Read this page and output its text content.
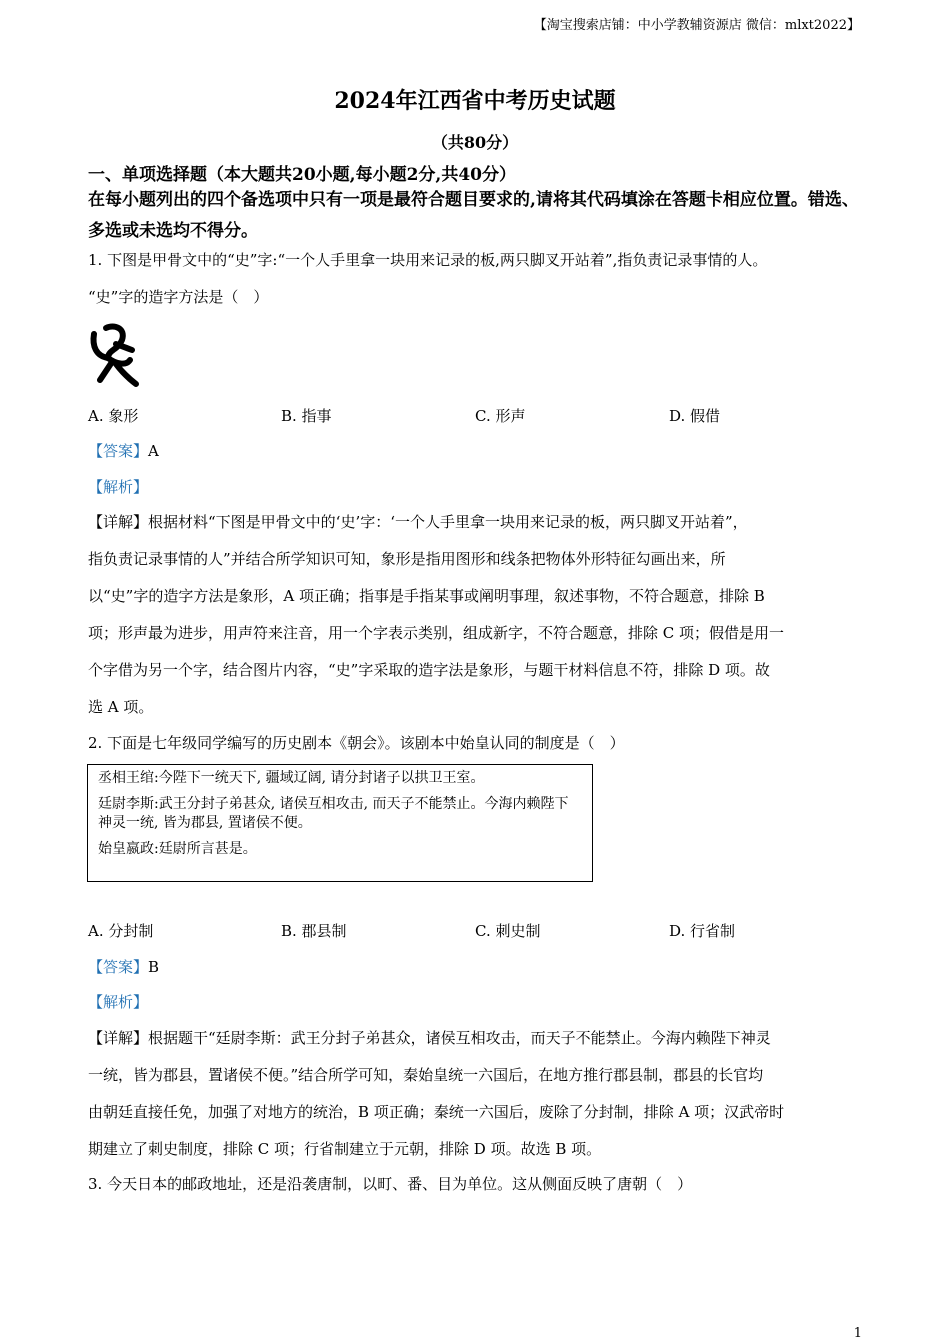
【淘宝搜索店铺：中小学教辅资源店 微信：mlxt2022】
2024年江西省中考历史试题
（共80分）
一、单项选择题（本大题共20小题,每小题2分,共40分）
在每小题列出的四个备选项中只有一项是最符合题目要求的,请将其代码填涂在答题卡相应位置。错选、多选或未选均不得分。
1. 下图是甲骨文中的“史”字:“一个人手里拿一块用来记录的板,两只脚叉开站着”,指负责记录事情的人。
“史”字的造字方法是（　）
A. 象形	B. 指事	C. 形声	D. 假借
【答案】A
【解析】
【详解】根据材料“下图是甲骨文中的‘史’字：‘一个人手里拿一块用来记录的板，两只脚叉开站着”，
指负责记录事情的人”并结合所学知识可知，象形是指用图形和线条把物体外形特征勾画出来，所
以“史”字的造字方法是象形，A 项正确；指事是手指某事或阐明事理，叙述事物，不符合题意，排除 B
项；形声最为进步，用声符来注音，用一个字表示类别，组成新字，不符合题意，排除 C 项；假借是用一
个字借为另一个字，结合图片内容，“史”字采取的造字法是象形，与题干材料信息不符，排除 D 项。故
选 A 项。
2. 下面是七年级同学编写的历史剧本《朝会》。该剧本中始皇认同的制度是（　）
丞相王绾:今陛下一统天下, 疆域辽阔, 请分封诸子以拱卫王室。
廷尉李斯:武王分封子弟甚众, 诸侯互相攻击, 而天子不能禁止。今海内赖陛下神灵一统, 皆为郡县, 置诸侯不便。
始皇嬴政:廷尉所言甚是。
A. 分封制	B. 郡县制	C. 刺史制	D. 行省制
【答案】B
【解析】
【详解】根据题干“廷尉李斯：武王分封子弟甚众，诸侯互相攻击，而天子不能禁止。今海内赖陛下神灵
一统，皆为郡县，置诸侯不便。”结合所学可知，秦始皇统一六国后，在地方推行郡县制，郡县的长官均
由朝廷直接任免，加强了对地方的统治，B 项正确；秦统一六国后，废除了分封制，排除 A 项；汉武帝时
期建立了刺史制度，排除 C 项；行省制建立于元朝，排除 D 项。故选 B 项。
3. 今天日本的邮政地址，还是沿袭唐制，以町、番、目为单位。这从侧面反映了唐朝（　）
1
